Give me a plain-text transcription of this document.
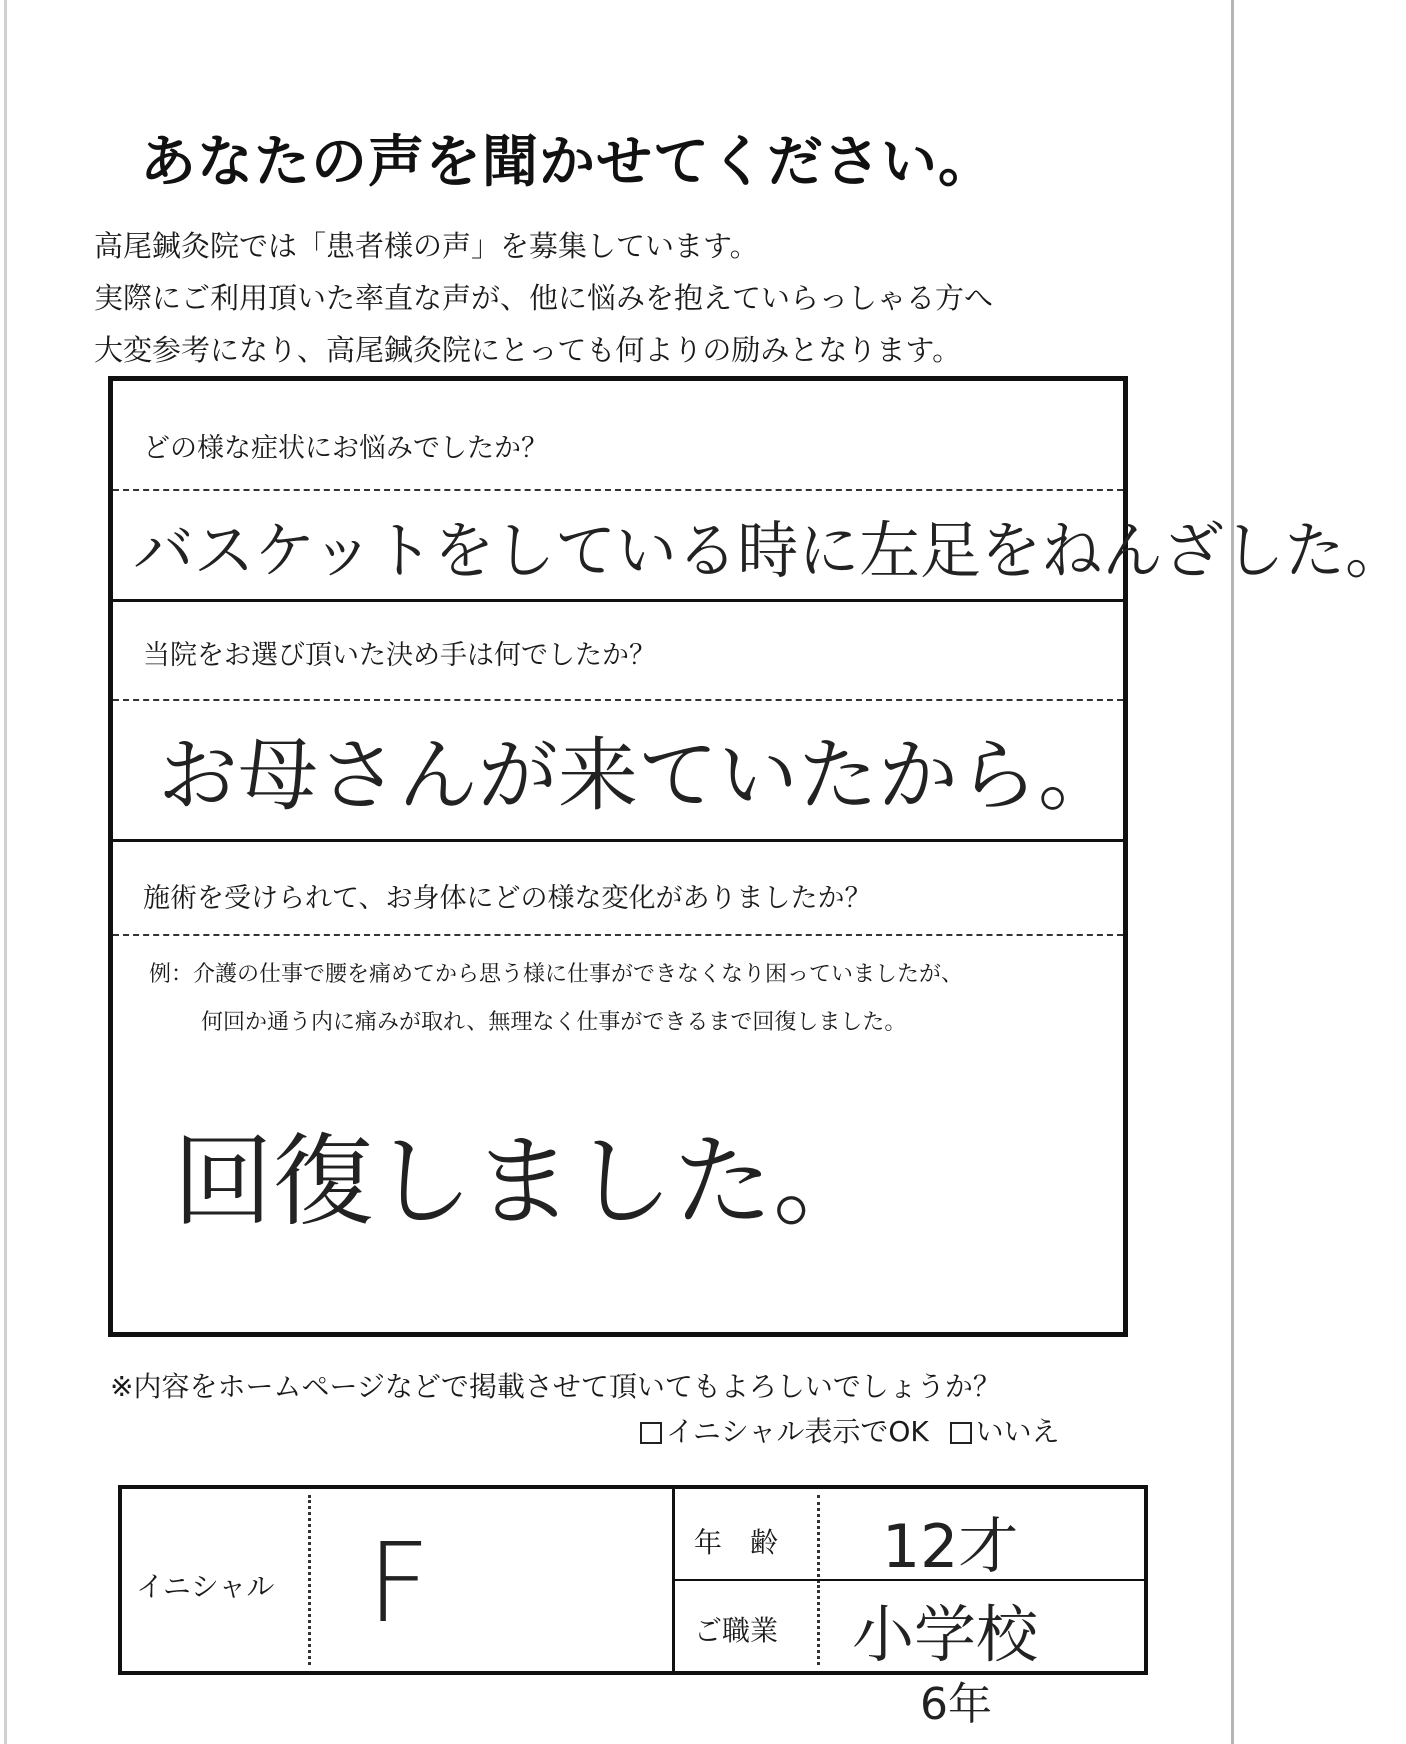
あなたの声を聞かせてください。
高尾鍼灸院では「患者様の声」を募集しています。
実際にご利用頂いた率直な声が、他に悩みを抱えていらっしゃる方へ
大変参考になり、高尾鍼灸院にとっても何よりの励みとなります。
どの様な症状にお悩みでしたか？
バスケットをしている時に左足をねんざした。
当院をお選び頂いた決め手は何でしたか？
お母さんが来ていたから。
施術を受けられて、お身体にどの様な変化がありましたか？
例：介護の仕事で腰を痛めてから思う様に仕事ができなくなり困っていましたが、
何回か通う内に痛みが取れ、無理なく仕事ができるまで回復しました。
回復しました。
※内容をホームページなどで掲載させて頂いてもよろしいでしょうか？
イニシャル表示でOK いいえ
イニシャル F	年　齢 12才
ご職業 小学校
6年
